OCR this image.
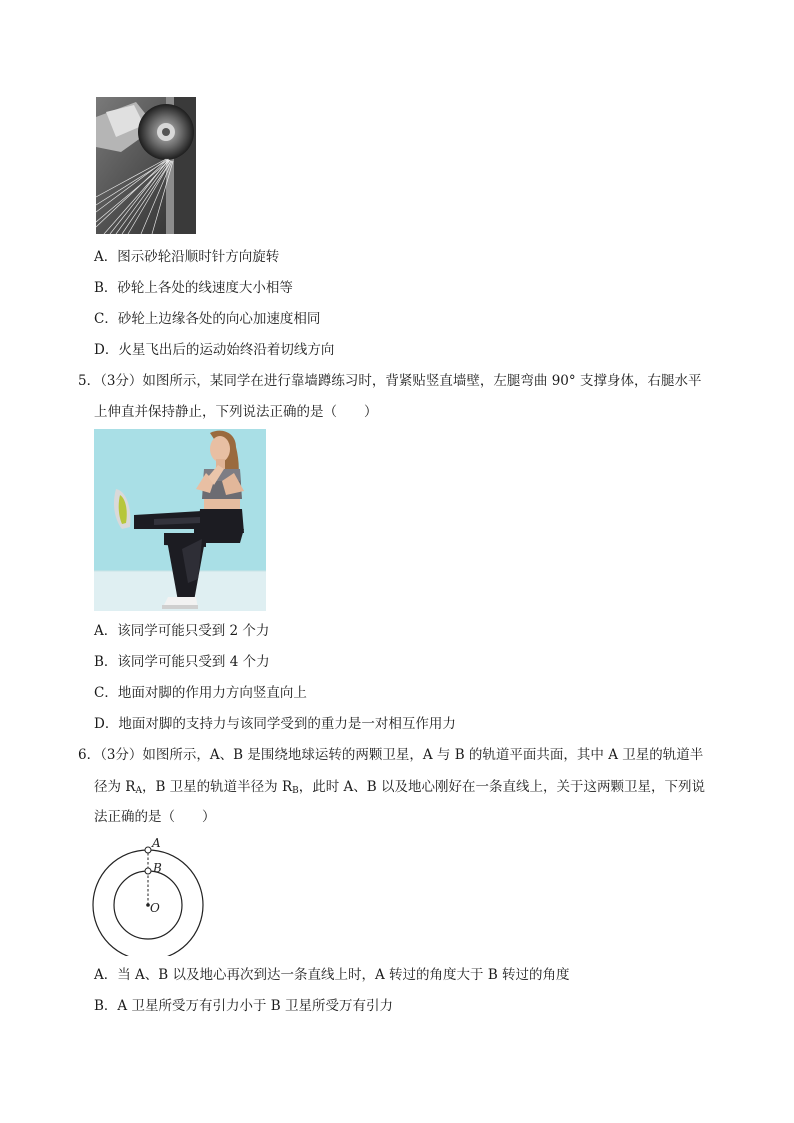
A．图示砂轮沿顺时针方向旋转
B．砂轮上各处的线速度大小相等
C．砂轮上边缘各处的向心加速度相同
D．火星飞出后的运动始终沿着切线方向
5．（3分）如图所示，某同学在进行靠墙蹲练习时，背紧贴竖直墙壁，左腿弯曲 90° 支撑身体，右腿水平
上伸直并保持静止，下列说法正确的是（　　）
A．该同学可能只受到 2 个力
B．该同学可能只受到 4 个力
C．地面对脚的作用力方向竖直向上
D．地面对脚的支持力与该同学受到的重力是一对相互作用力
6．（3分）如图所示，A、B 是围绕地球运转的两颗卫星，A 与 B 的轨道平面共面，其中 A 卫星的轨道半
径为 $R_A$，B 卫星的轨道半径为 $R_B$，此时 A、B 以及地心刚好在一条直线上，关于这两颗卫星，下列说
法正确的是（　　）
A
B
O
A．当 A、B 以及地心再次到达一条直线上时，A 转过的角度大于 B 转过的角度
B．A 卫星所受万有引力小于 B 卫星所受万有引力
